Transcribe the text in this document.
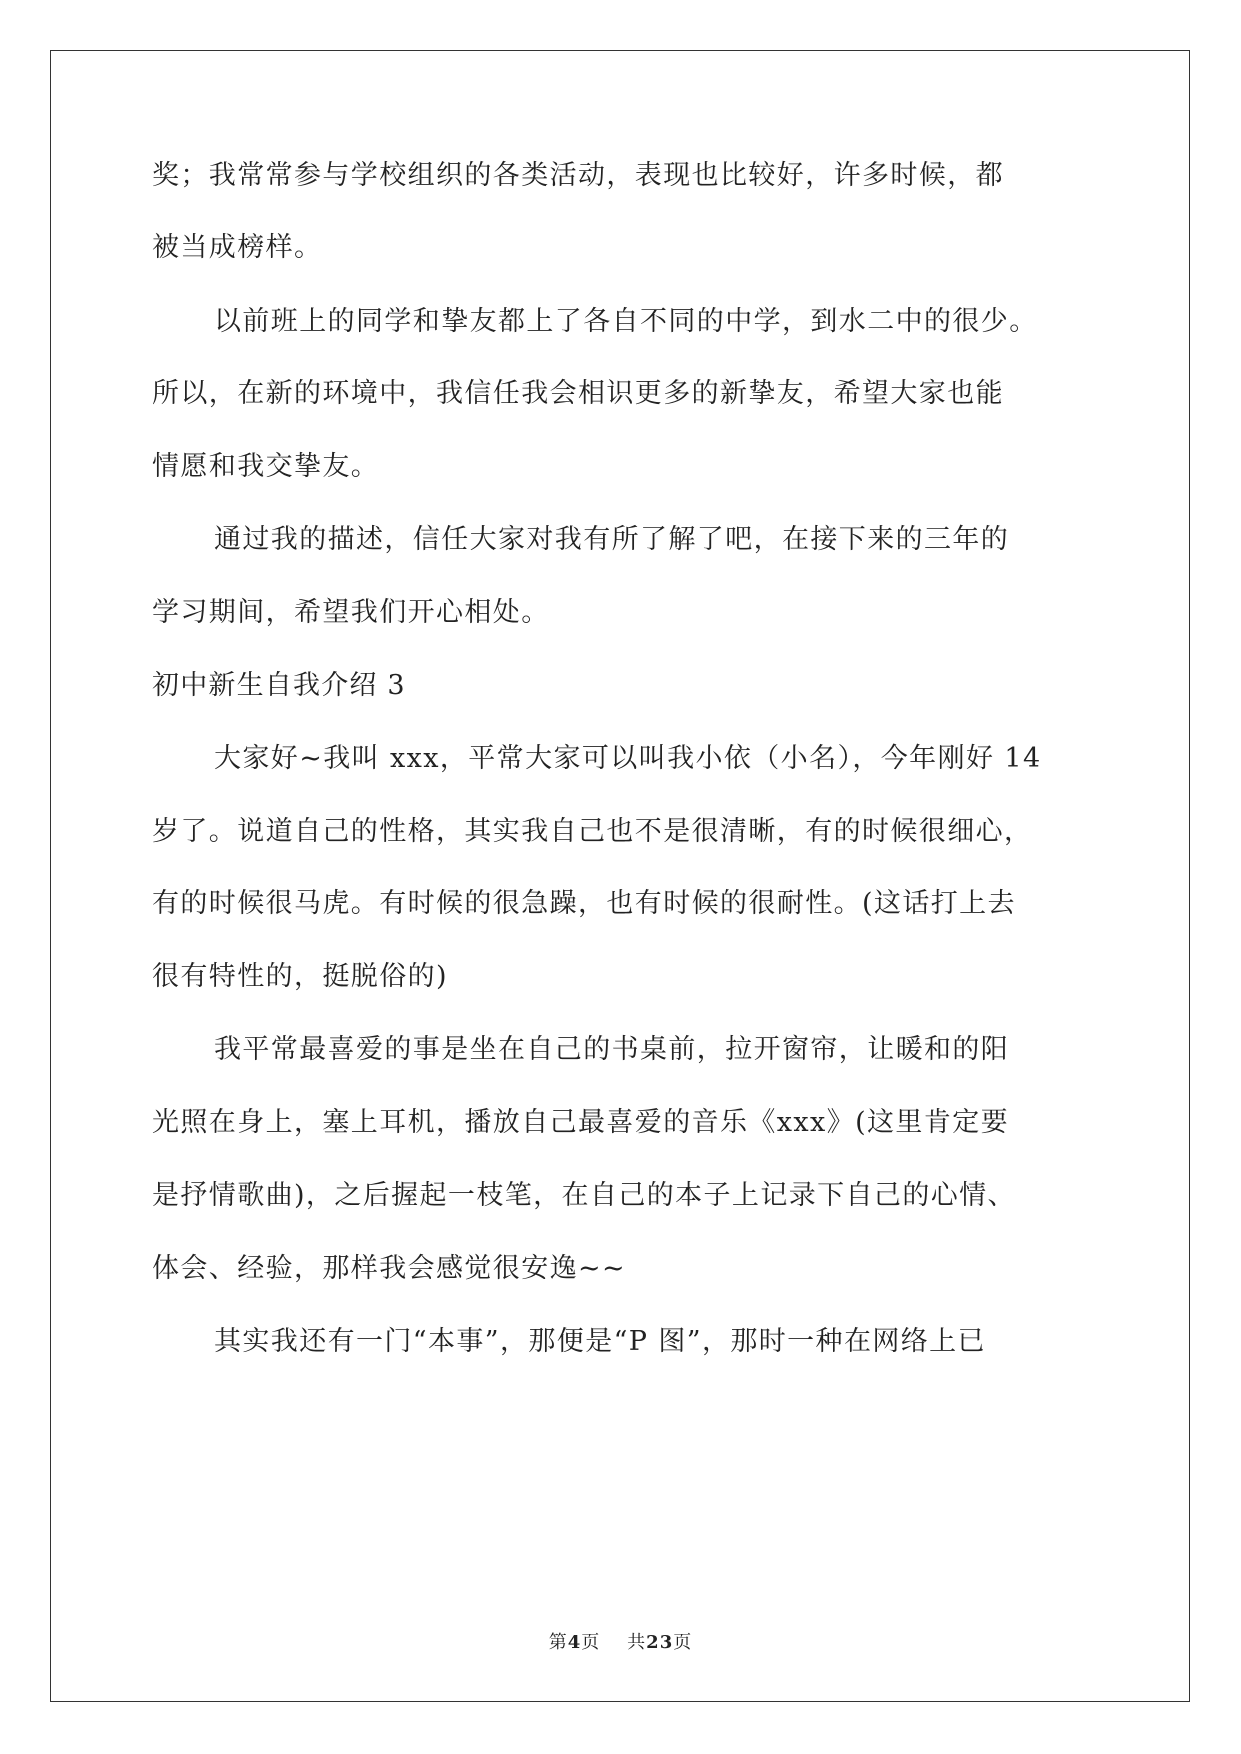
奖；我常常参与学校组织的各类活动，表现也比较好，许多时候，都
被当成榜样。
以前班上的同学和挚友都上了各自不同的中学，到水二中的很少。
所以，在新的环境中，我信任我会相识更多的新挚友，希望大家也能
情愿和我交挚友。
通过我的描述，信任大家对我有所了解了吧，在接下来的三年的
学习期间，希望我们开心相处。
初中新生自我介绍 3
大家好~我叫 xxx，平常大家可以叫我小依（小名），今年刚好 14
岁了。说道自己的性格，其实我自己也不是很清晰，有的时候很细心，
有的时候很马虎。有时候的很急躁，也有时候的很耐性。(这话打上去
很有特性的，挺脱俗的)
我平常最喜爱的事是坐在自己的书桌前，拉开窗帘，让暖和的阳
光照在身上，塞上耳机，播放自己最喜爱的音乐《xxx》(这里肯定要
是抒情歌曲)，之后握起一枝笔，在自己的本子上记录下自己的心情、
体会、经验，那样我会感觉很安逸~~
其实我还有一门“本事”，那便是“P 图”，那时一种在网络上已
第4页 共23页
